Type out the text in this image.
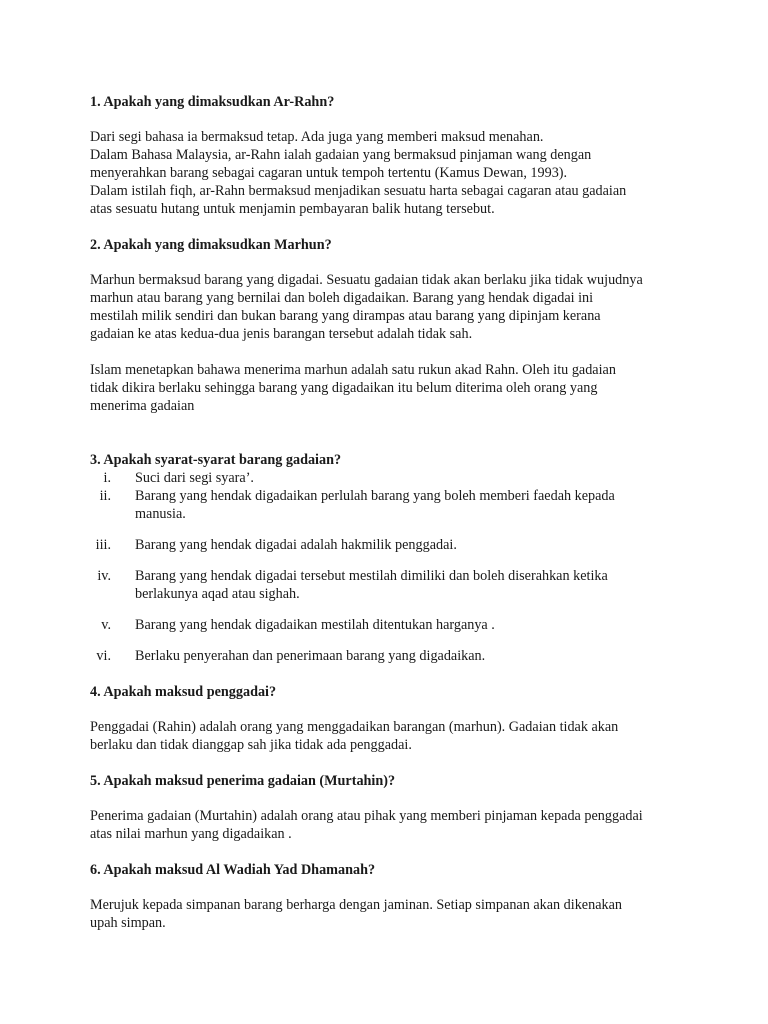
1. Apakah yang dimaksudkan Ar-Rahn?

Dari segi bahasa ia bermaksud tetap. Ada juga yang memberi maksud menahan.

Dalam Bahasa Malaysia, ar-Rahn ialah gadaian yang bermaksud pinjaman wang dengan

menyerahkan barang sebagai cagaran untuk tempoh tertentu (Kamus Dewan, 1993).

Dalam istilah fiqh, ar-Rahn bermaksud menjadikan sesuatu harta sebagai cagaran atau gadaian

atas sesuatu hutang untuk menjamin pembayaran balik hutang tersebut.

2. Apakah yang dimaksudkan Marhun?

Marhun bermaksud barang yang digadai. Sesuatu gadaian tidak akan berlaku jika tidak wujudnya

marhun atau barang yang bernilai dan boleh digadaikan. Barang yang hendak digadai ini

mestilah milik sendiri dan bukan barang yang dirampas atau barang yang dipinjam kerana

gadaian ke atas kedua-dua jenis barangan tersebut adalah tidak sah.

Islam menetapkan bahawa menerima marhun adalah satu rukun akad Rahn. Oleh itu gadaian

tidak dikira berlaku sehingga barang yang digadaikan itu belum diterima oleh orang yang

menerima gadaian

3. Apakah syarat-syarat barang gadaian?
i. Suci dari segi syara’.
ii. Barang yang hendak digadaikan perlulah barang yang boleh memberi faedah kepada
manusia.
iii. Barang yang hendak digadai adalah hakmilik penggadai.
iv. Barang yang hendak digadai tersebut mestilah dimiliki dan boleh diserahkan ketika
berlakunya aqad atau sighah.
v. Barang yang hendak digadaikan mestilah ditentukan harganya .
vi. Berlaku penyerahan dan penerimaan barang yang digadaikan.
4. Apakah maksud penggadai?

Penggadai (Rahin) adalah orang yang menggadaikan barangan (marhun). Gadaian tidak akan

berlaku dan tidak dianggap sah jika tidak ada penggadai.

5. Apakah maksud penerima gadaian (Murtahin)?

Penerima gadaian (Murtahin) adalah orang atau pihak yang memberi pinjaman kepada penggadai

atas nilai marhun yang digadaikan .

6. Apakah maksud Al Wadiah Yad Dhamanah?

Merujuk kepada simpanan barang berharga dengan jaminan. Setiap simpanan akan dikenakan

upah simpan.
